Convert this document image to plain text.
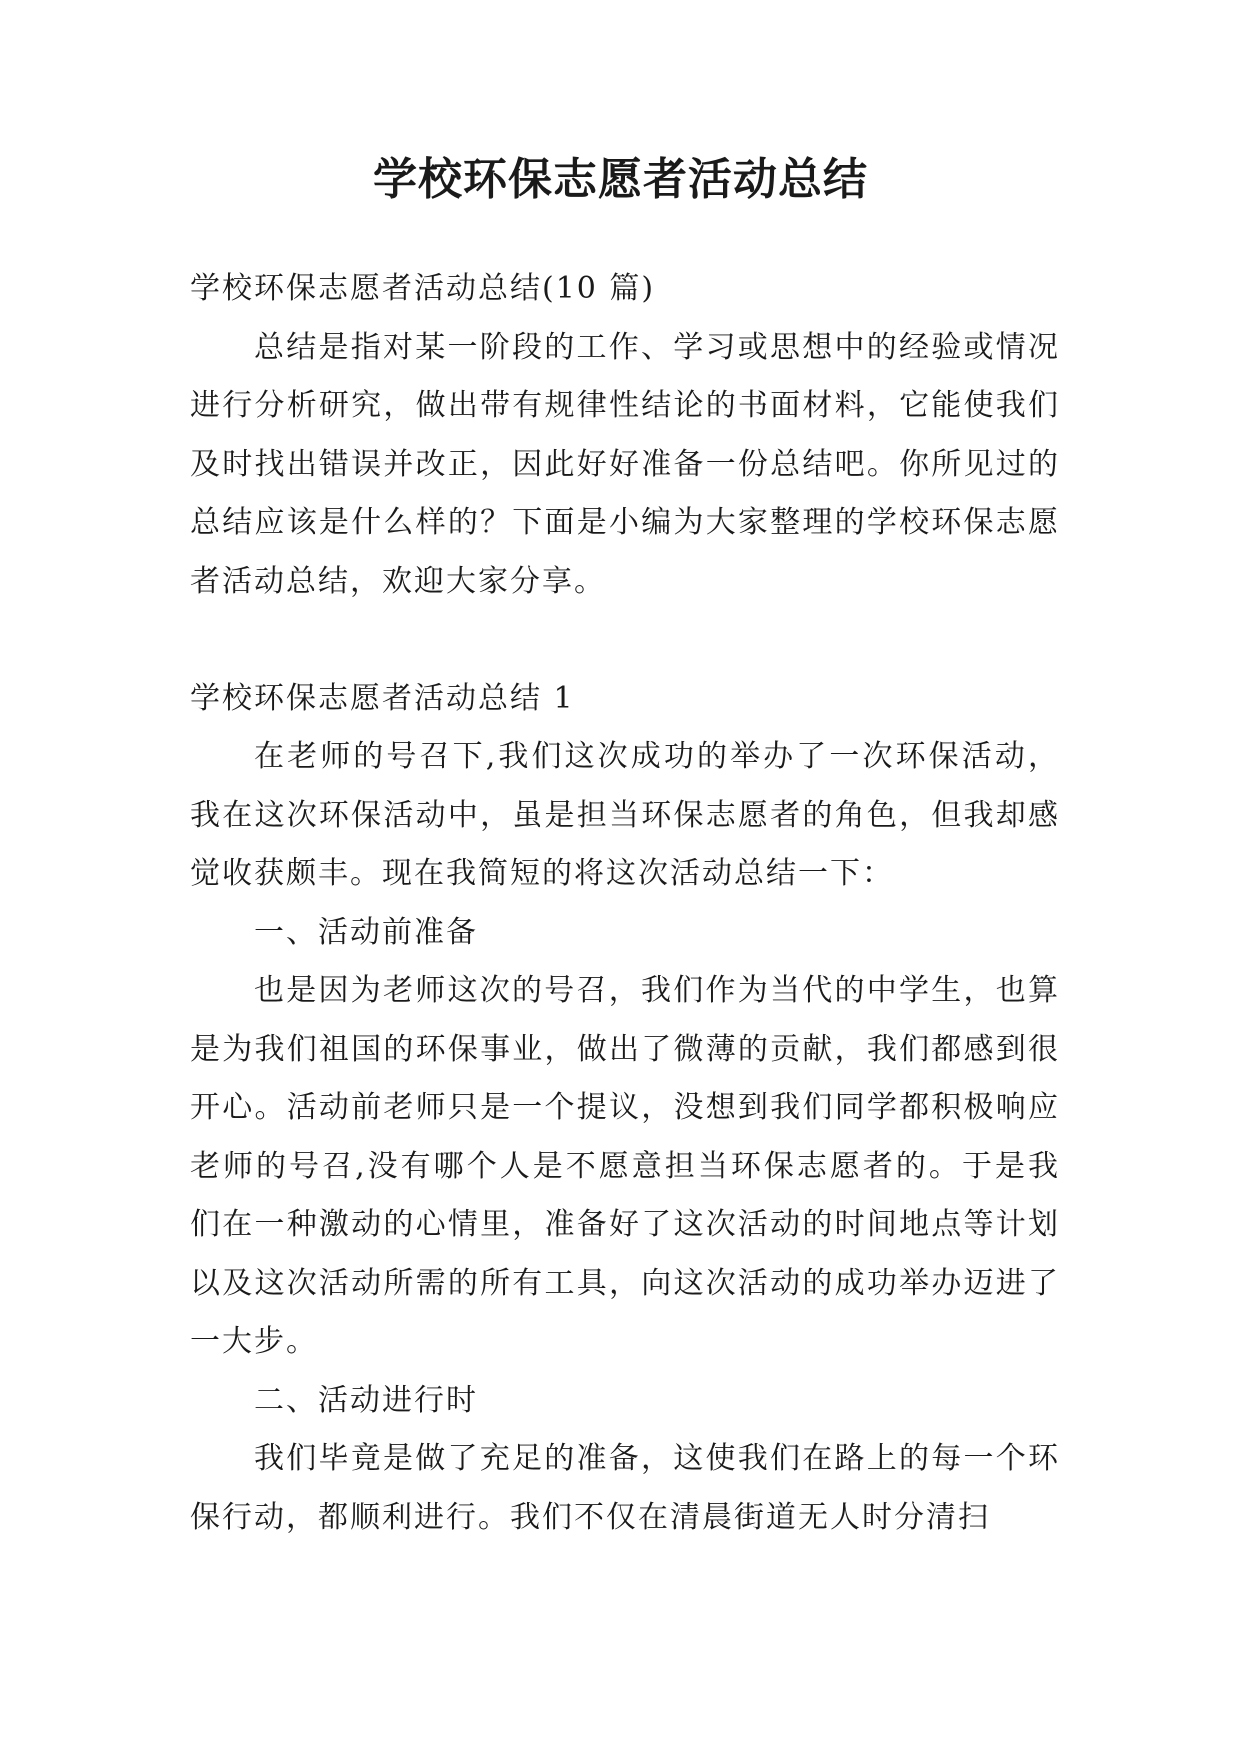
学校环保志愿者活动总结

学校环保志愿者活动总结(10 篇)

总结是指对某一阶段的工作、学习或思想中的经验或情况进行分析研究，做出带有规律性结论的书面材料，它能使我们及时找出错误并改正，因此好好准备一份总结吧。你所见过的总结应该是什么样的？下面是小编为大家整理的学校环保志愿者活动总结，欢迎大家分享。

学校环保志愿者活动总结 1

在老师的号召下,我们这次成功的举办了一次环保活动，我在这次环保活动中，虽是担当环保志愿者的角色，但我却感觉收获颇丰。现在我简短的将这次活动总结一下：

一、活动前准备

也是因为老师这次的号召，我们作为当代的中学生，也算是为我们祖国的环保事业，做出了微薄的贡献，我们都感到很开心。活动前老师只是一个提议，没想到我们同学都积极响应老师的号召,没有哪个人是不愿意担当环保志愿者的。于是我们在一种激动的心情里，准备好了这次活动的时间地点等计划以及这次活动所需的所有工具，向这次活动的成功举办迈进了一大步。

二、活动进行时

我们毕竟是做了充足的准备，这使我们在路上的每一个环保行动，都顺利进行。我们不仅在清晨街道无人时分清扫
